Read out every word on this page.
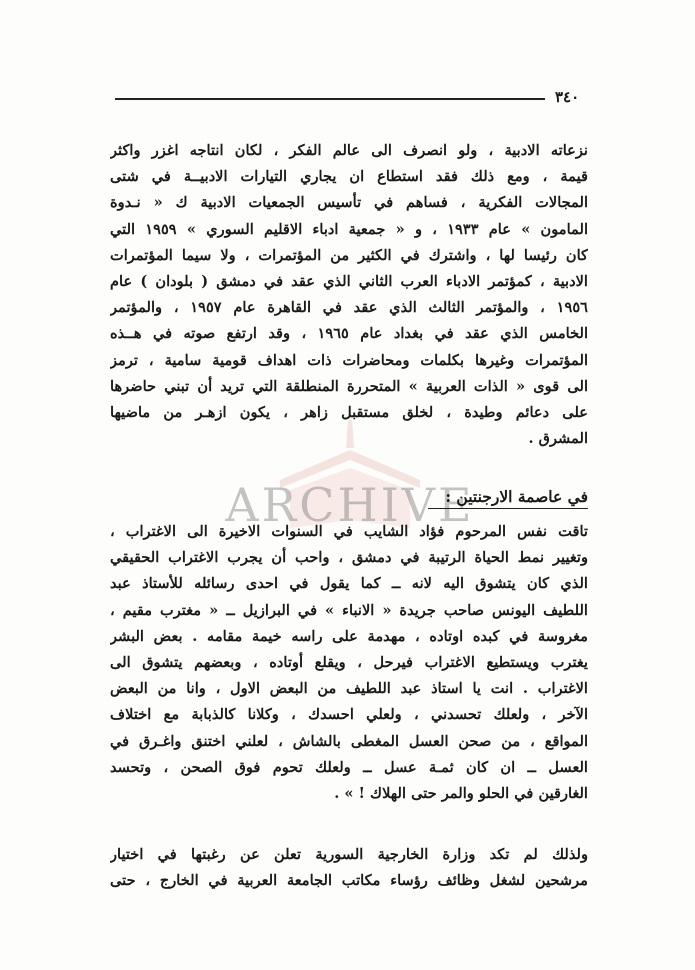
٣٤٠
نزعاته الادبية ، ولو انصرف الى عالم الفكر ، لكان انتاجه اغزر واكثر
قيمة ، ومع ذلك فقد استطاع ان يجاري التيارات الادبيــة في شتى
المجالات الفكرية ، فساهم في تأسيس الجمعيات الادبية ك « نـدوة
المامون » عام ١٩٣٣ ، و « جمعية ادباء الاقليم السوري » ١٩٥٩ التي
كان رئيسا لها ، واشترك في الكثير من المؤتمرات ، ولا سيما المؤتمرات
الادبية ، كمؤتمر الادباء العرب الثاني الذي عقد في دمشق ( بلودان ) عام
١٩٥٦ ، والمؤتمر الثالث الذي عقد في القاهرة عام ١٩٥٧ ، والمؤتمر
الخامس الذي عقد في بغداد عام ١٩٦٥ ، وقد ارتفع صوته في هــذه
المؤتمرات وغيرها بكلمات ومحاضرات ذات اهداف قومية سامية ، ترمز
الى قوى « الذات العربية » المتحررة المنطلقة التي تريد أن تبني حاضرها
على دعائم وطيدة ، لخلق مستقبل زاهر ، يكون ازهـر من ماضيها
المشرق .
ARCHIVE
في عاصمة الارجنتين :
تاقت نفس المرحوم فؤاد الشايب في السنوات الاخيرة الى الاغتراب ،
وتغيير نمط الحياة الرتيبة في دمشق ، واحب أن يجرب الاغتراب الحقيقي
الذي كان يتشوق اليه لانه ــ كما يقول في احدى رسائله للأستاذ عبد
اللطيف اليونس صاحب جريدة « الانباء » في البرازيل ــ « مغترب مقيم ،
مغروسة في كبده اوتاده ، مهدمة على راسه خيمة مقامه . بعض البشر
يغترب ويستطيع الاغتراب فيرحل ، ويقلع أوتاده ، وبعضهم يتشوق الى
الاغتراب . انت يا استاذ عبد اللطيف من البعض الاول ، وانا من البعض
الآخر ، ولعلك تحسدني ، ولعلي احسدك ، وكلانا كالذبابة مع اختلاف
المواقع ، من صحن العسل المغطى بالشاش ، لعلني اختنق واغـرق في
العسل ــ ان كان ثمـة عسل ــ ولعلك تحوم فوق الصحن ، وتحسد
الغارقين في الحلو والمر حتى الهلاك ! » .
ولذلك لم تكد وزارة الخارجية السورية تعلن عن رغبتها في اختيار
مرشحين لشغل وظائف رؤساء مكاتب الجامعة العربية في الخارج ، حتى
